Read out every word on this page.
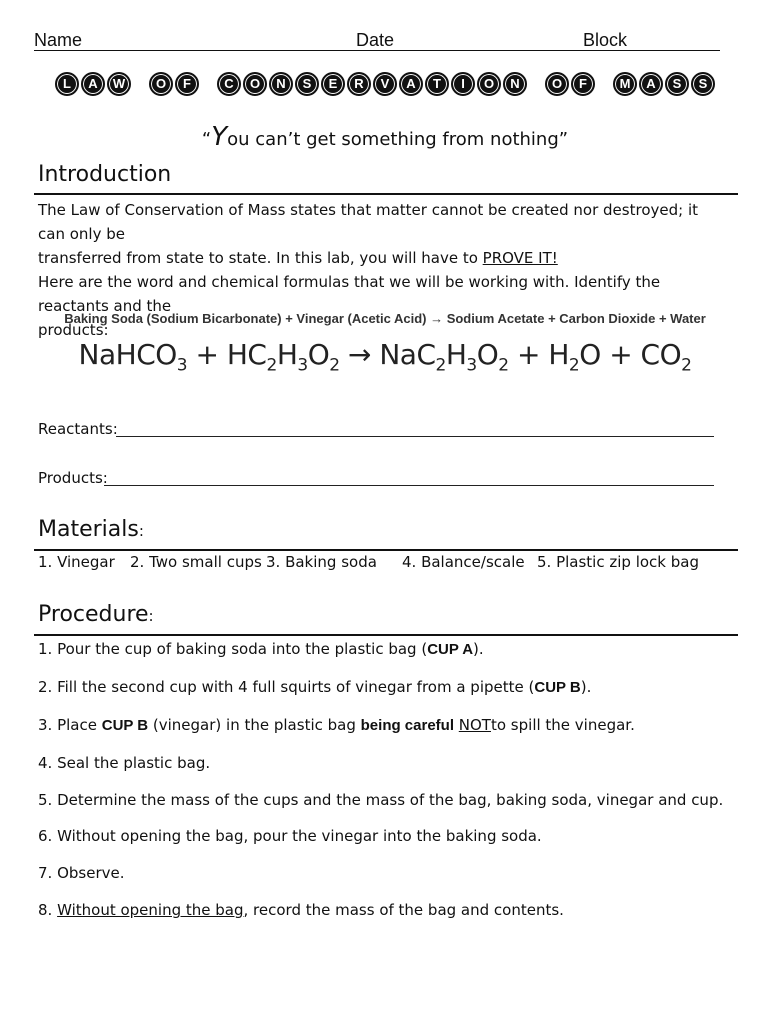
Name	Date	Block
L A W O F	C O N S E R V A T I O N O F	M A S S
“You can’t get something from nothing”
Introduction
The Law of Conservation of Mass states that matter cannot be created nor destroyed; it can only be
transferred from state to state. In this lab, you will have to PROVE IT!
Here are the word and chemical formulas that we will be working with. Identify the reactants and the
products:
Baking Soda (Sodium Bicarbonate) + Vinegar (Acetic Acid) → Sodium Acetate + Carbon Dioxide + Water
NaHCO$_3$ + $HC_2H_3O_2 \to NaC_2H_3O_2 + H_2O + CO_2$
Reactants:
Products:
Materials:
1. Vinegar 2. Two small cups 3. Baking soda 4. Balance/scale 5. Plastic zip lock bag
Procedure:
1. Pour the cup of baking soda into the plastic bag (CUP A).
2. Fill the second cup with 4 full squirts of vinegar from a pipette (CUP B).
3. Place CUP B (vinegar) in the plastic bag being careful NOTto spill the vinegar.
4. Seal the plastic bag.
5. Determine the mass of the cups and the mass of the bag, baking soda, vinegar and cup.
6. Without opening the bag, pour the vinegar into the baking soda.
7. Observe.
8. Without opening the bag, record the mass of the bag and contents.
